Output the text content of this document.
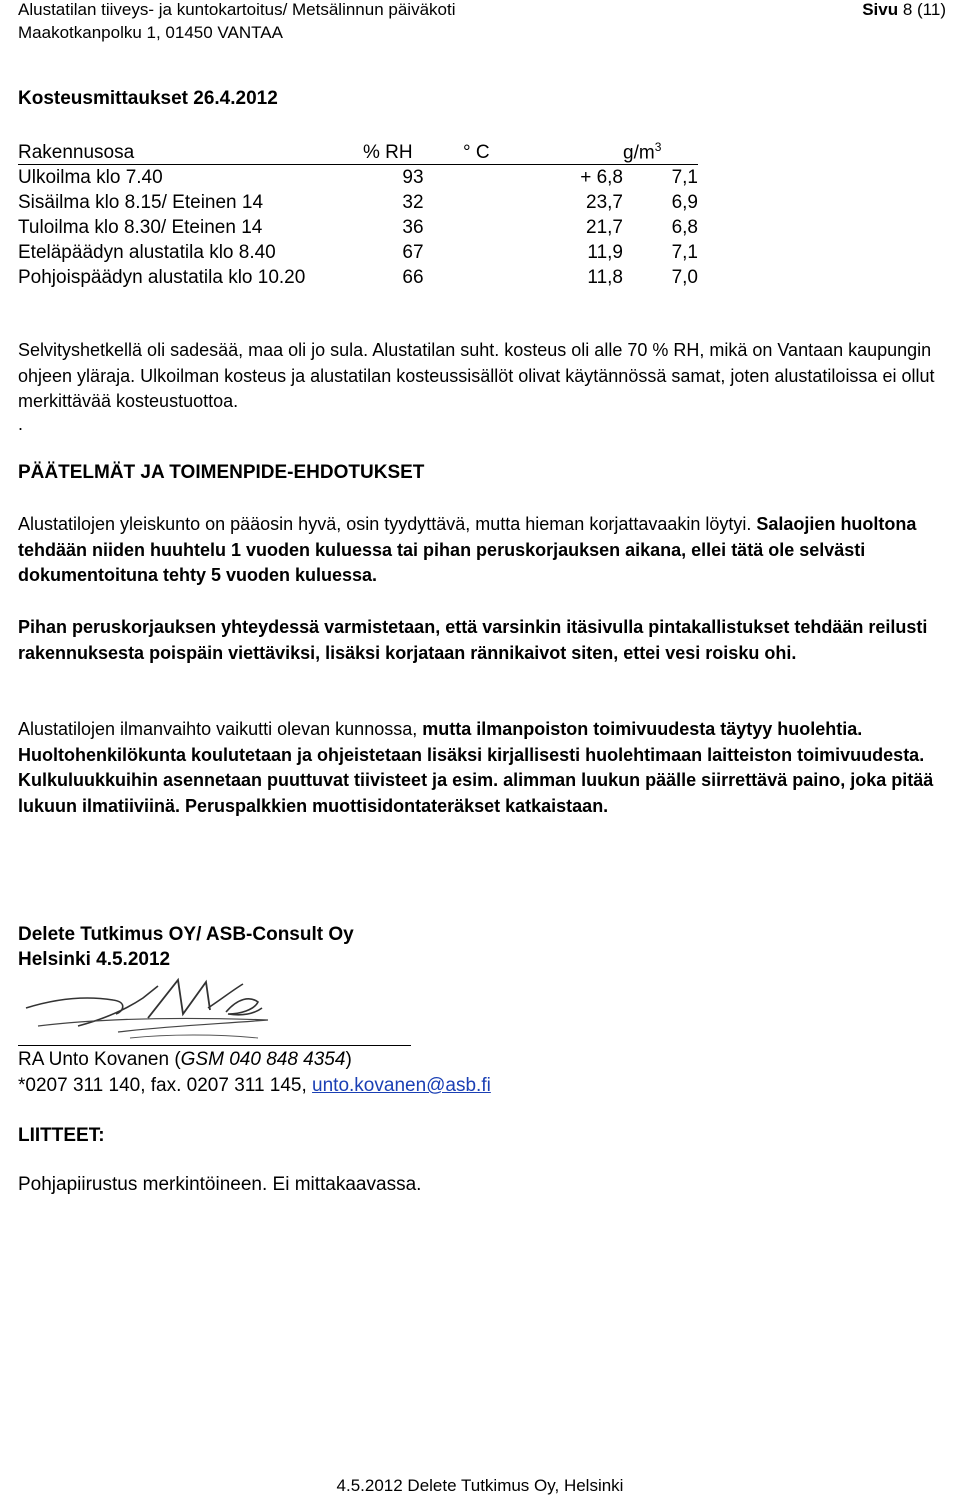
Alustatilan tiiveys- ja kuntokartoitus/ Metsälinnun päiväkoti
Maakotkanpolku 1, 01450 VANTAA
Sivu 8 (11)
Kosteusmittaukset 26.4.2012
Rakennusosa	% RH	° C	$g/m^3$
Ulkoilma klo 7.40	93	+ 6,8	7,1
Sisäilma klo 8.15/ Eteinen 14	32	23,7	6,9
Tuloilma klo 8.30/ Eteinen 14	36	21,7	6,8
Eteläpäädyn alustatila klo 8.40	67	11,9	7,1
Pohjoispäädyn alustatila klo 10.20	66	11,8	7,0
Selvityshetkellä oli sadesää, maa oli jo sula. Alustatilan suht. kosteus oli alle 70 % RH, mikä on Vantaan kaupungin ohjeen yläraja. Ulkoilman kosteus ja alustatilan kosteussisällöt olivat käytännössä samat, joten alustatiloissa ei ollut merkittävää kosteustuottoa.
.
PÄÄTELMÄT JA TOIMENPIDE-EHDOTUKSET
Alustatilojen yleiskunto on pääosin hyvä, osin tyydyttävä, mutta hieman korjattavaakin löytyi. Salaojien huoltona tehdään niiden huuhtelu 1 vuoden kuluessa tai pihan peruskorjauksen aikana, ellei tätä ole selvästi dokumentoituna tehty 5 vuoden kuluessa.
Pihan peruskorjauksen yhteydessä varmistetaan, että varsinkin itäsivulla pintakallistukset tehdään reilusti rakennuksesta poispäin viettäviksi, lisäksi korjataan rännikaivot siten, ettei vesi roisku ohi.
Alustatilojen ilmanvaihto vaikutti olevan kunnossa, mutta ilmanpoiston toimivuudesta täytyy huolehtia. Huoltohenkilökunta koulutetaan ja ohjeistetaan lisäksi kirjallisesti huolehtimaan laitteiston toimivuudesta.
Kulkuluukkuihin asennetaan puuttuvat tiivisteet ja esim. alimman luukun päälle siirrettävä paino, joka pitää lukuun ilmatiiviinä. Peruspalkkien muottisidontateräkset katkaistaan.
Delete Tutkimus OY/ ASB-Consult Oy
Helsinki 4.5.2012
RA Unto Kovanen (GSM 040 848 4354)
*0207 311 140, fax. 0207 311 145, unto.kovanen@asb.fi
LIITTEET:
Pohjapiirustus merkintöineen. Ei mittakaavassa.
4.5.2012 Delete Tutkimus Oy, Helsinki
